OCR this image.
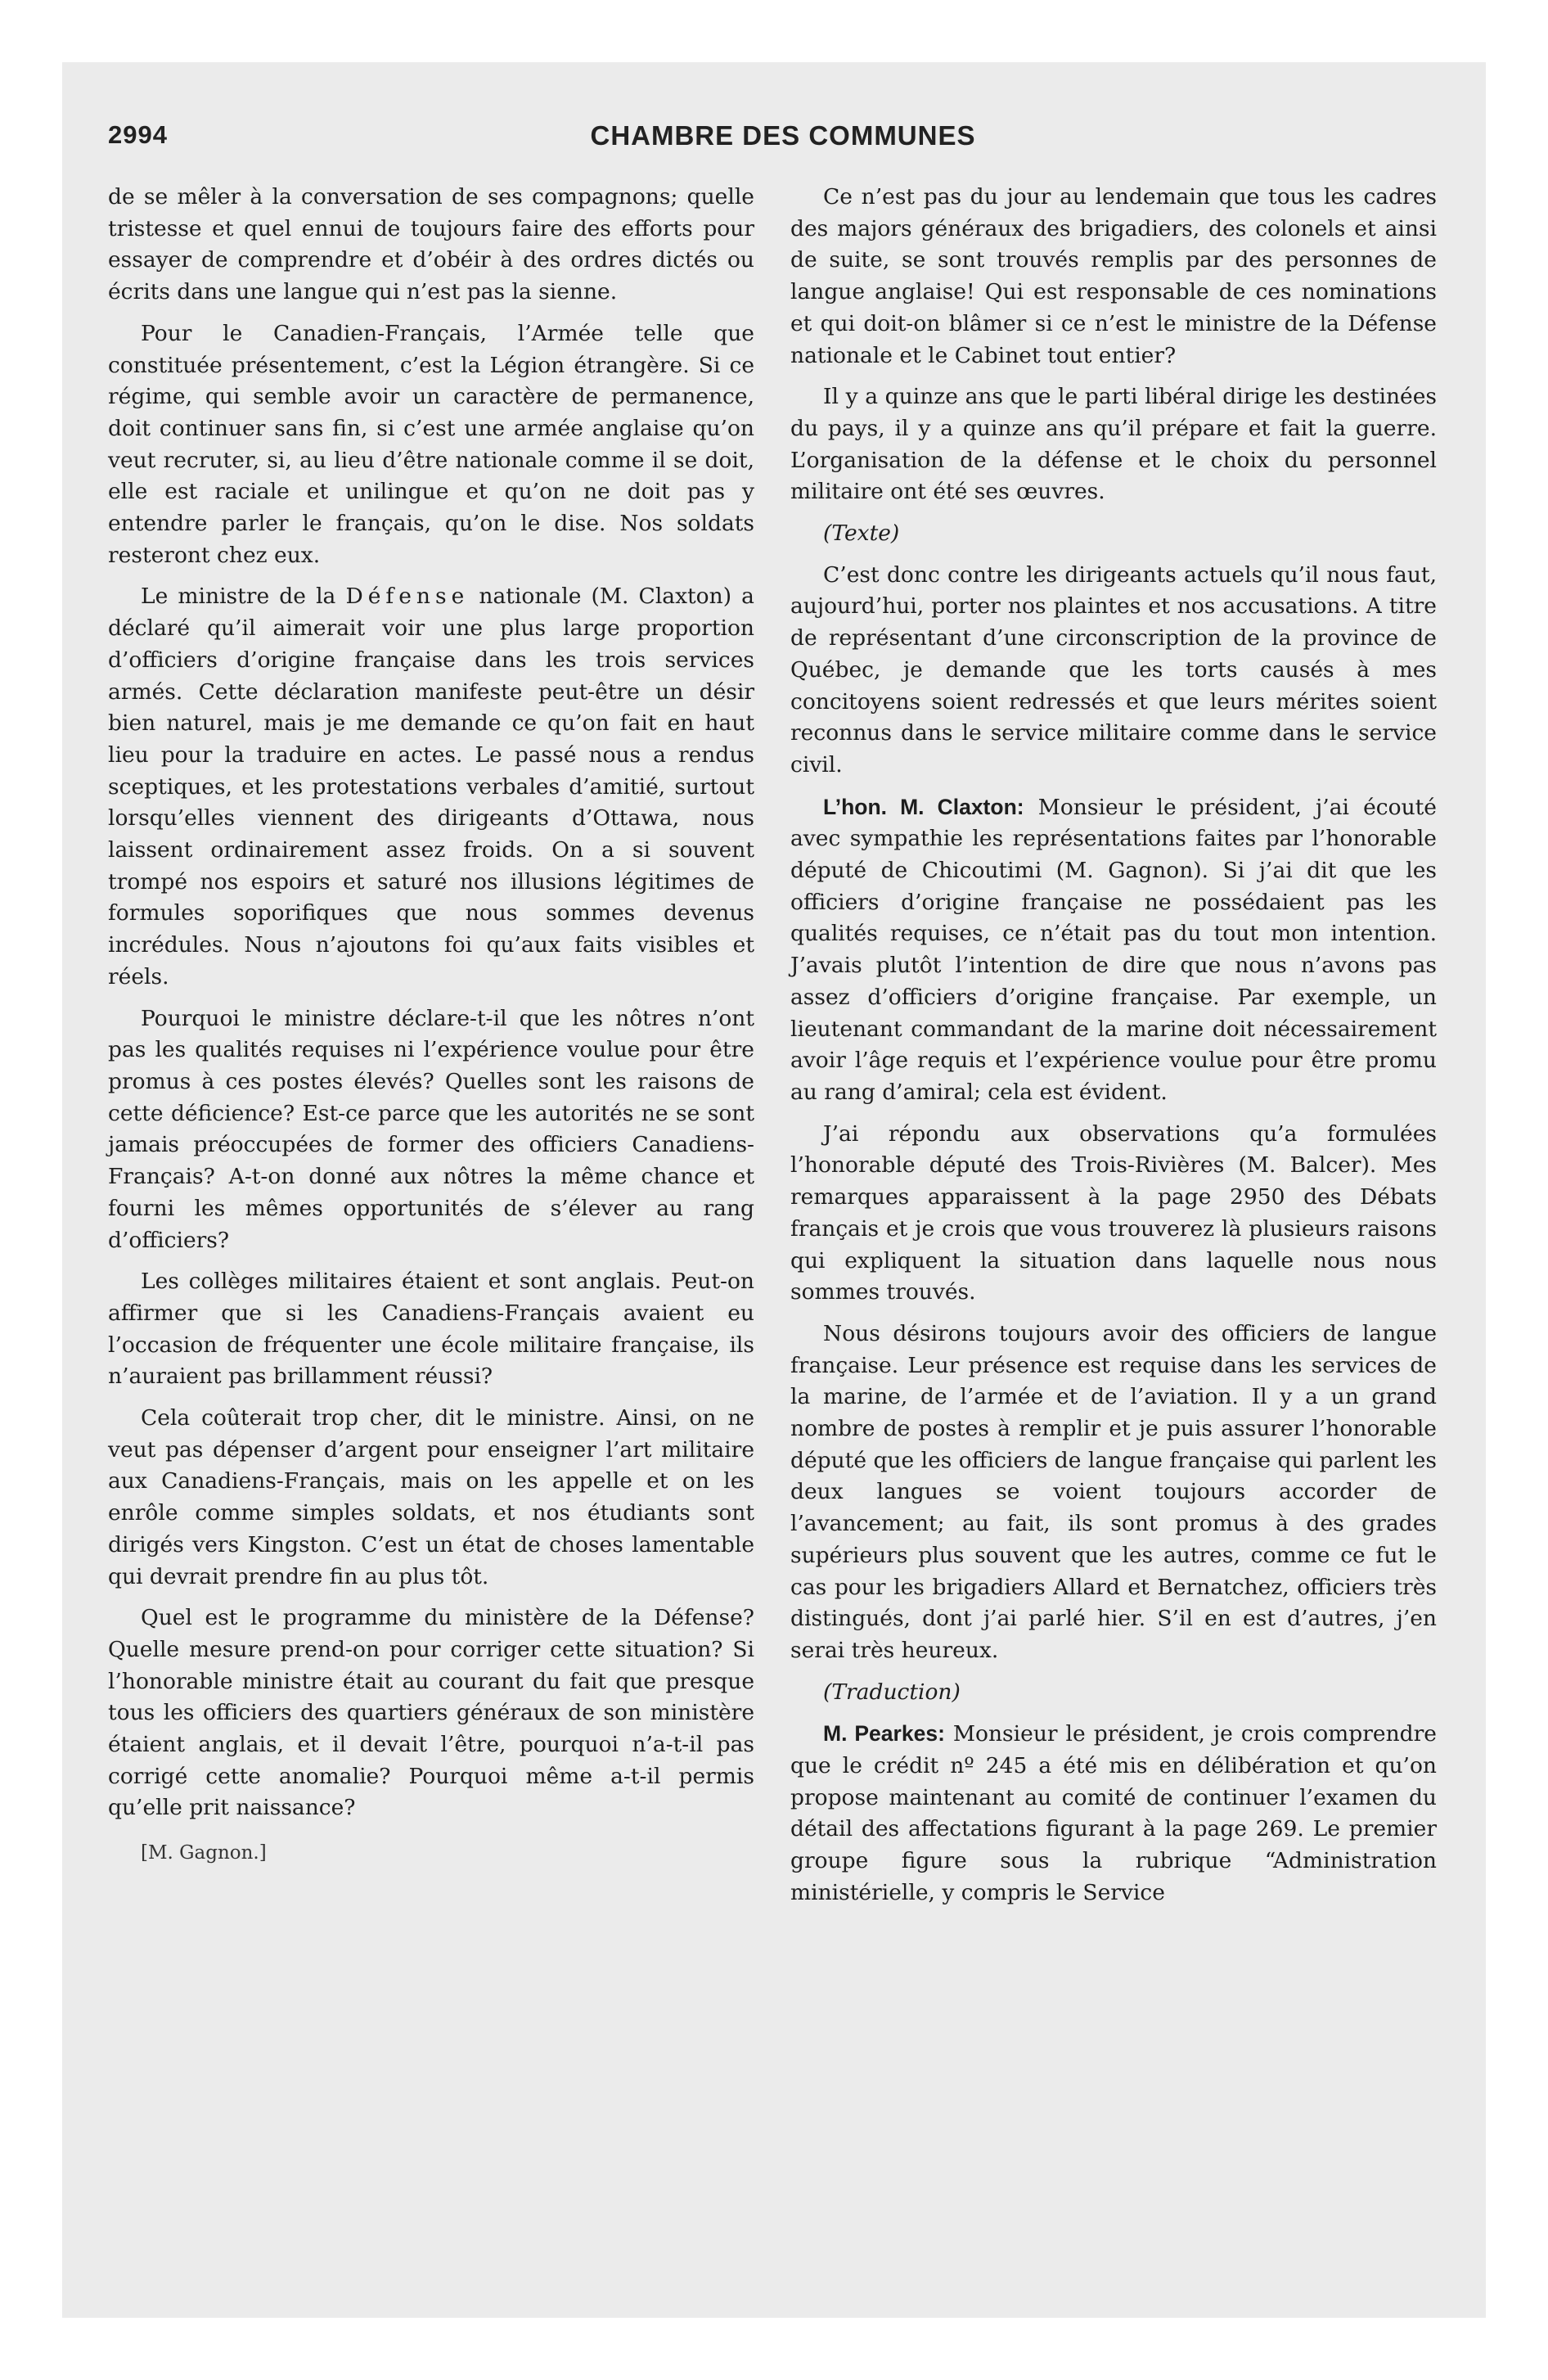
2994	CHAMBRE DES COMMUNES

de se mêler à la conversation de ses compagnons; quelle tristesse et quel ennui de toujours faire des efforts pour essayer de comprendre et d’obéir à des ordres dictés ou écrits dans une langue qui n’est pas la sienne.

Pour le Canadien-Français, l’Armée telle que constituée présentement, c’est la Légion étrangère. Si ce régime, qui semble avoir un caractère de permanence, doit continuer sans fin, si c’est une armée anglaise qu’on veut recruter, si, au lieu d’être nationale comme il se doit, elle est raciale et unilingue et qu’on ne doit pas y entendre parler le français, qu’on le dise. Nos soldats resteront chez eux.

Le ministre de la Défense nationale (M. Claxton) a déclaré qu’il aimerait voir une plus large proportion d’officiers d’origine française dans les trois services armés. Cette déclaration manifeste peut-être un désir bien naturel, mais je me demande ce qu’on fait en haut lieu pour la traduire en actes. Le passé nous a rendus sceptiques, et les protestations verbales d’amitié, surtout lorsqu’elles viennent des dirigeants d’Ottawa, nous laissent ordinairement assez froids. On a si souvent trompé nos espoirs et saturé nos illusions légitimes de formules soporifiques que nous sommes devenus incrédules. Nous n’ajoutons foi qu’aux faits visibles et réels.

Pourquoi le ministre déclare-t-il que les nôtres n’ont pas les qualités requises ni l’expérience voulue pour être promus à ces postes élevés? Quelles sont les raisons de cette déficience? Est-ce parce que les autorités ne se sont jamais préoccupées de former des officiers Canadiens-Français? A-t-on donné aux nôtres la même chance et fourni les mêmes opportunités de s’élever au rang d’officiers?

Les collèges militaires étaient et sont anglais. Peut-on affirmer que si les Canadiens-Français avaient eu l’occasion de fréquenter une école militaire française, ils n’auraient pas brillamment réussi?

Cela coûterait trop cher, dit le ministre. Ainsi, on ne veut pas dépenser d’argent pour enseigner l’art militaire aux Canadiens-Français, mais on les appelle et on les enrôle comme simples soldats, et nos étudiants sont dirigés vers Kingston. C’est un état de choses lamentable qui devrait prendre fin au plus tôt.

Quel est le programme du ministère de la Défense? Quelle mesure prend-on pour corriger cette situation? Si l’honorable ministre était au courant du fait que presque tous les officiers des quartiers généraux de son ministère étaient anglais, et il devait l’être, pourquoi n’a-t-il pas corrigé cette anomalie? Pourquoi même a-t-il permis qu’elle prit naissance?

[M. Gagnon.]

Ce n’est pas du jour au lendemain que tous les cadres des majors généraux des brigadiers, des colonels et ainsi de suite, se sont trouvés remplis par des personnes de langue anglaise! Qui est responsable de ces nominations et qui doit-on blâmer si ce n’est le ministre de la Défense nationale et le Cabinet tout entier?

Il y a quinze ans que le parti libéral dirige les destinées du pays, il y a quinze ans qu’il prépare et fait la guerre. L’organisation de la défense et le choix du personnel militaire ont été ses œuvres.

(Texte)

C’est donc contre les dirigeants actuels qu’il nous faut, aujourd’hui, porter nos plaintes et nos accusations. A titre de représentant d’une circonscription de la province de Québec, je demande que les torts causés à mes concitoyens soient redressés et que leurs mérites soient reconnus dans le service militaire comme dans le service civil.

L’hon. M. Claxton: Monsieur le président, j’ai écouté avec sympathie les représentations faites par l’honorable député de Chicoutimi (M. Gagnon). Si j’ai dit que les officiers d’origine française ne possédaient pas les qualités requises, ce n’était pas du tout mon intention. J’avais plutôt l’intention de dire que nous n’avons pas assez d’officiers d’origine française. Par exemple, un lieutenant commandant de la marine doit nécessairement avoir l’âge requis et l’expérience voulue pour être promu au rang d’amiral; cela est évident.

J’ai répondu aux observations qu’a formulées l’honorable député des Trois-Rivières (M. Balcer). Mes remarques apparaissent à la page 2950 des Débats français et je crois que vous trouverez là plusieurs raisons qui expliquent la situation dans laquelle nous nous sommes trouvés.

Nous désirons toujours avoir des officiers de langue française. Leur présence est requise dans les services de la marine, de l’armée et de l’aviation. Il y a un grand nombre de postes à remplir et je puis assurer l’honorable député que les officiers de langue française qui parlent les deux langues se voient toujours accorder de l’avancement; au fait, ils sont promus à des grades supérieurs plus souvent que les autres, comme ce fut le cas pour les brigadiers Allard et Bernatchez, officiers très distingués, dont j’ai parlé hier. S’il en est d’autres, j’en serai très heureux.

(Traduction)

M. Pearkes: Monsieur le président, je crois comprendre que le crédit nº 245 a été mis en délibération et qu’on propose maintenant au comité de continuer l’examen du détail des affectations figurant à la page 269. Le premier groupe figure sous la rubrique “Administration ministérielle, y compris le Service
